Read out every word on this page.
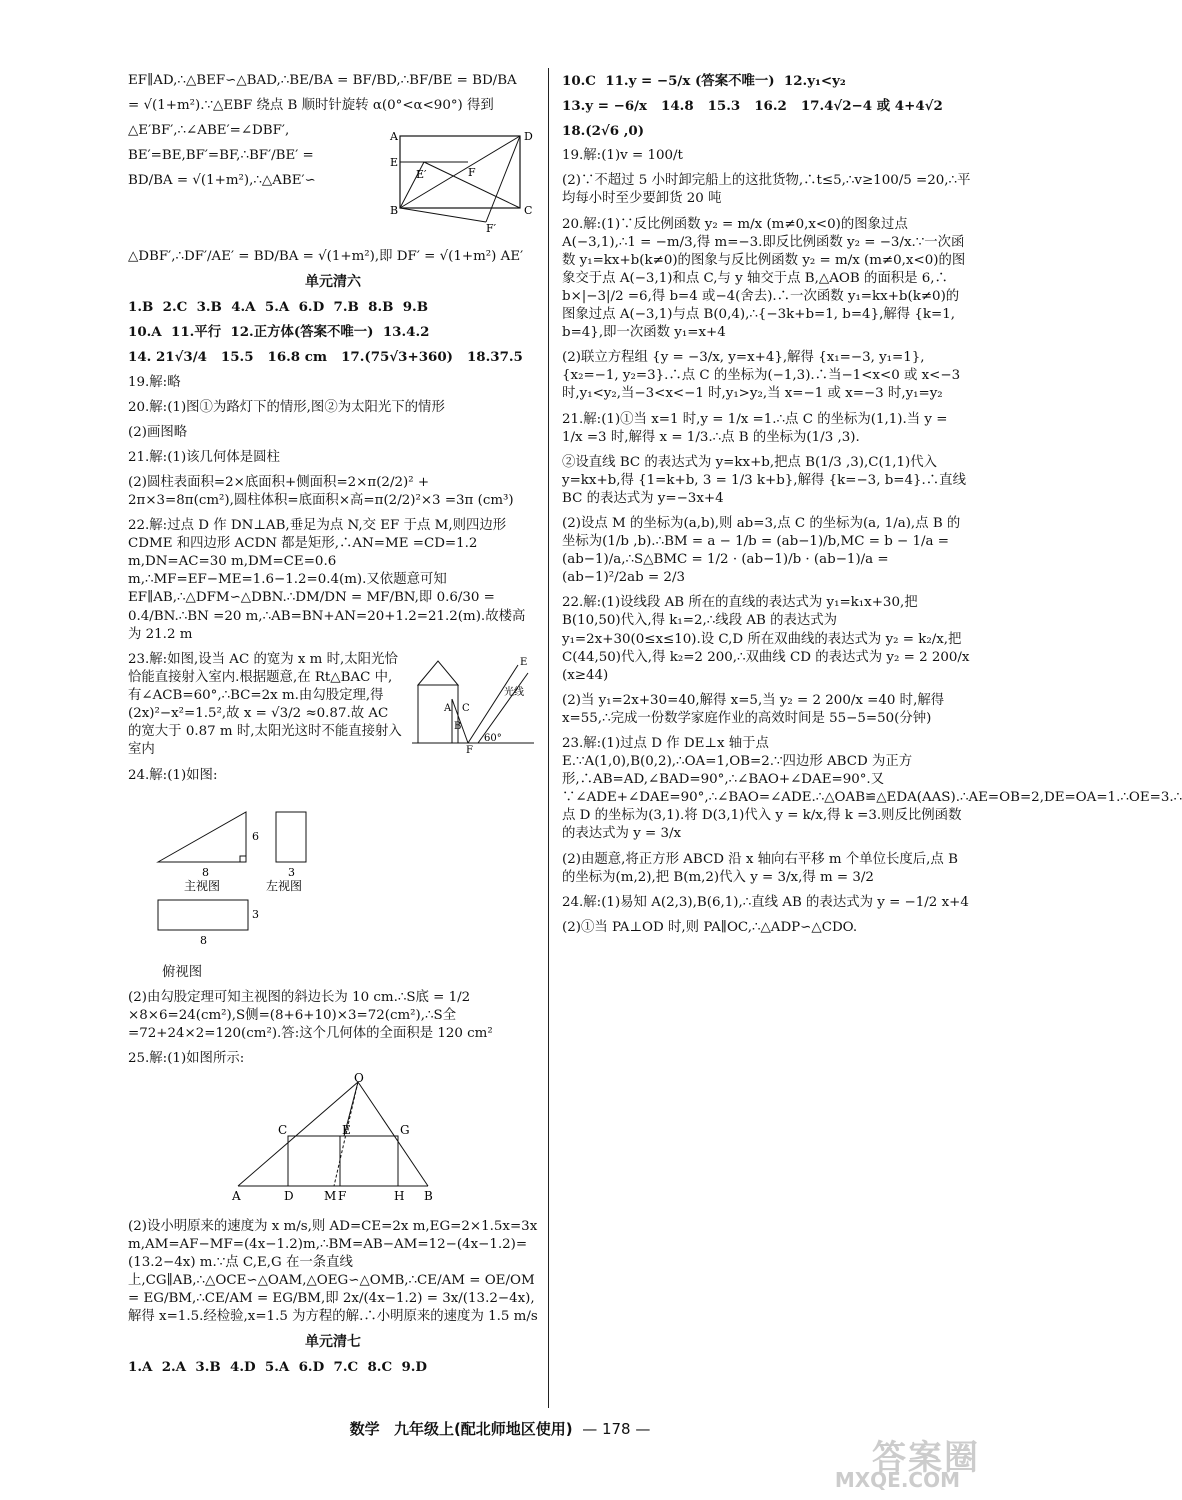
EF∥AD,∴△BEF∽△BAD,∴BE/BA = BF/BD,∴BF/BE = BD/BA
= √(1+m²).∵△EBF 绕点 B 顺时针旋转 α(0°<α<90°) 得到
△E′BF′,∴∠ABE′=∠DBF′,
BE′=BE,BF′=BF,∴BF′/BE′ =
BD/BA = √(1+m²),∴△ABE′∽
A	D
E
E′	F
B	C
F′
△DBF′,∴DF′/AE′ = BD/BA = √(1+m²),即 DF′ = √(1+m²) AE′
单元清六
1.B  2.C  3.B  4.A  5.A  6.D  7.B  8.B  9.B
10.A  11.平行  12.正方体(答案不唯一)  13.4.2
14. 21√3/4   15.5   16.8 cm   17.(75√3+360)   18.37.5
19.解:略
20.解:(1)图①为路灯下的情形,图②为太阳光下的情形
(2)画图略
21.解:(1)该几何体是圆柱
(2)圆柱表面积=2×底面积+侧面积=2×π(2/2)² + 2π×3=8π(cm²),圆柱体积=底面积×高=π(2/2)²×3 =3π (cm³)
22.解:过点 D 作 DN⊥AB,垂足为点 N,交 EF 于点 M,则四边形 CDME 和四边形 ACDN 都是矩形,∴AN=ME =CD=1.2 m,DN=AC=30 m,DM=CE=0.6 m,∴MF=EF−ME=1.6−1.2=0.4(m).又依题意可知 EF∥AB,∴△DFM∽△DBN.∴DM/DN = MF/BN,即 0.6/30 = 0.4/BN.∴BN =20 m,∴AB=BN+AN=20+1.2=21.2(m).故楼高为 21.2 m
23.解:如图,设当 AC 的宽为 x m 时,太阳光恰恰能直接射入室内.根据题意,在 Rt△BAC 中,有∠ACB=60°,∴BC=2x m.由勾股定理,得 (2x)²−x²=1.5²,故 x = √3/2 ≈0.87.故 AC 的宽大于 0.87 m 时,太阳光这时不能直接射入室内
A C
B
F
E
光线
60°
24.解:(1)如图:
6
8
主视图
3
左视图
3
8
俯视图
(2)由勾股定理可知主视图的斜边长为 10 cm.∴S底 = 1/2 ×8×6=24(cm²),S侧=(8+6+10)×3=72(cm²),∴S全=72+24×2=120(cm²).答:这个几何体的全面积是 120 cm²
25.解:(1)如图所示:
O
C	E	G
A	D	M F	H B
(2)设小明原来的速度为 x m/s,则 AD=CE=2x m,EG=2×1.5x=3x m,AM=AF−MF=(4x−1.2)m,∴BM=AB−AM=12−(4x−1.2)=(13.2−4x) m.∵点 C,E,G 在一条直线上,CG∥AB,∴△OCE∽△OAM,△OEG∽△OMB,∴CE/AM = OE/OM = EG/BM,∴CE/AM = EG/BM,即 2x/(4x−1.2) = 3x/(13.2−4x),解得 x=1.5.经检验,x=1.5 为方程的解.∴小明原来的速度为 1.5 m/s
单元清七
1.A  2.A  3.B  4.D  5.A  6.D  7.C  8.C  9.D
10.C  11.y = −5/x (答案不唯一)  12.y₁<y₂
13.y = −6/x   14.8   15.3   16.2   17.4√2−4 或 4+4√2
18.(2√6 ,0)
19.解:(1)v = 100/t
(2)∵不超过 5 小时卸完船上的这批货物,∴t≤5,∴v≥100/5 =20,∴平均每小时至少要卸货 20 吨
20.解:(1)∵反比例函数 y₂ = m/x (m≠0,x<0)的图象过点 A(−3,1),∴1 = −m/3,得 m=−3.即反比例函数 y₂ = −3/x.∵一次函数 y₁=kx+b(k≠0)的图象与反比例函数 y₂ = m/x (m≠0,x<0)的图象交于点 A(−3,1)和点 C,与 y 轴交于点 B,△AOB 的面积是 6,∴ b×|−3|/2 =6,得 b=4 或−4(舍去).∴一次函数 y₁=kx+b(k≠0)的图象过点 A(−3,1)与点 B(0,4),∴{−3k+b=1, b=4},解得 {k=1, b=4},即一次函数 y₁=x+4
(2)联立方程组 {y = −3/x, y=x+4},解得 {x₁=−3, y₁=1},{x₂=−1, y₂=3}.∴点 C 的坐标为(−1,3).∴当−1<x<0 或 x<−3 时,y₁<y₂,当−3<x<−1 时,y₁>y₂,当 x=−1 或 x=−3 时,y₁=y₂
21.解:(1)①当 x=1 时,y = 1/x =1.∴点 C 的坐标为(1,1).当 y = 1/x =3 时,解得 x = 1/3.∴点 B 的坐标为(1/3 ,3).
②设直线 BC 的表达式为 y=kx+b,把点 B(1/3 ,3),C(1,1)代入 y=kx+b,得 {1=k+b, 3 = 1/3 k+b},解得 {k=−3, b=4}.∴直线 BC 的表达式为 y=−3x+4
(2)设点 M 的坐标为(a,b),则 ab=3,点 C 的坐标为(a, 1/a),点 B 的坐标为(1/b ,b).∴BM = a − 1/b = (ab−1)/b,MC = b − 1/a = (ab−1)/a,∴S△BMC = 1/2 · (ab−1)/b · (ab−1)/a = (ab−1)²/2ab = 2/3
22.解:(1)设线段 AB 所在的直线的表达式为 y₁=k₁x+30,把 B(10,50)代入,得 k₁=2,∴线段 AB 的表达式为 y₁=2x+30(0≤x≤10).设 C,D 所在双曲线的表达式为 y₂ = k₂/x,把 C(44,50)代入,得 k₂=2 200,∴双曲线 CD 的表达式为 y₂ = 2 200/x (x≥44)
(2)当 y₁=2x+30=40,解得 x=5,当 y₂ = 2 200/x =40 时,解得 x=55,∴完成一份数学家庭作业的高效时间是 55−5=50(分钟)
23.解:(1)过点 D 作 DE⊥x 轴于点 E.∵A(1,0),B(0,2),∴OA=1,OB=2.∵四边形 ABCD 为正方形,∴AB=AD,∠BAD=90°,∴∠BAO+∠DAE=90°.又∵∠ADE+∠DAE=90°,∴∠BAO=∠ADE.∴△OAB≌△EDA(AAS).∴AE=OB=2,DE=OA=1.∴OE=3.∴点 D 的坐标为(3,1).将 D(3,1)代入 y = k/x,得 k =3.则反比例函数的表达式为 y = 3/x
(2)由题意,将正方形 ABCD 沿 x 轴向右平移 m 个单位长度后,点 B 的坐标为(m,2),把 B(m,2)代入 y = 3/x,得 m = 3/2
24.解:(1)易知 A(2,3),B(6,1),∴直线 AB 的表达式为 y = −1/2 x+4
(2)①当 PA⊥OD 时,则 PA∥OC,∴△ADP∽△CDO.
数学 九年级上(配北师地区使用) — 178 —
答案圈
MXQE.COM
